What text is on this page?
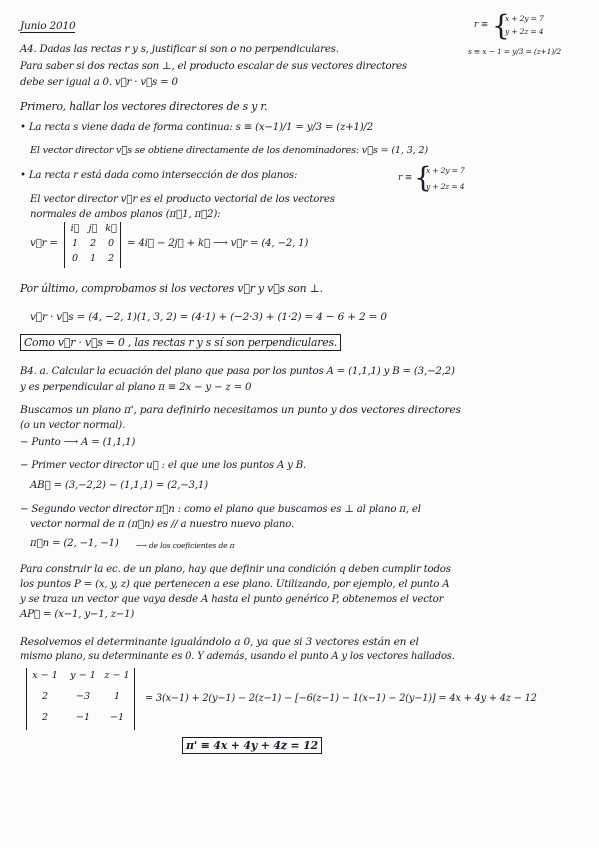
Junio 2010	r ≡ {
x + 2y = 7
y + 2z = 4
s ≡ x − 1 = y/3 = (z+1)/2
A4. Dadas las rectas r y s, justificar si son o no perpendiculares.
Para saber si dos rectas son ⊥, el producto escalar de sus vectores directores
debe ser igual a 0. v⃗r · v⃗s = 0
Primero, hallar los vectores directores de s y r.
• La recta s viene dada de forma continua: s ≡ (x−1)/1 = y/3 = (z+1)/2
El vector director v⃗s se obtiene directamente de los denominadores: v⃗s = (1, 3, 2)
• La recta r está dada como intersección de dos planos:	r ≡ {
x + 2y = 7
y + 2z = 4
El vector director v⃗r es el producto vectorial de los vectores
normales de ambos planos (π⃗1, π⃗2):
v⃗r =
i⃗ j⃗ k⃗
1	2	0
0	1	2
= 4i⃗ − 2j⃗ + k⃗ ⟶ v⃗r = (4, −2, 1)
Por último, comprobamos si los vectores v⃗r y v⃗s son ⊥.
v⃗r · v⃗s = (4, −2, 1)(1, 3, 2) = (4·1) + (−2·3) + (1·2) = 4 − 6 + 2 = 0
Como v⃗r · v⃗s = 0 , las rectas r y s sí son perpendiculares.
B4. a. Calcular la ecuación del plano que pasa por los puntos A = (1,1,1) y B = (3,−2,2)
y es perpendicular al plano π ≡ 2x − y − z = 0
Buscamos un plano π', para definirlo necesitamos un punto y dos vectores directores
(o un vector normal).
− Punto ⟶ A = (1,1,1)
− Primer vector director u⃗ : el que une los puntos A y B.
AB⃗ = (3,−2,2) − (1,1,1) = (2,−3,1)
− Segundo vector director π⃗n : como el plano que buscamos es ⊥ al plano π, el
vector normal de π (π⃗n) es // a nuestro nuevo plano.
π⃗n = (2, −1, −1) ⟶ de los coeficientes de π
Para construir la ec. de un plano, hay que definir una condición q deben cumplir todos
los puntos P = (x, y, z) que pertenecen a ese plano. Utilizando, por ejemplo, el punto A
y se traza un vector que vaya desde A hasta el punto genérico P, obtenemos el vector
AP⃗ = (x−1, y−1, z−1)
Resolvemos el determinante igualándolo a 0, ya que si 3 vectores están en el
mismo plano, su determinante es 0. Y además, usando el punto A y los vectores hallados.
x − 1 y − 1 z − 1
2	−3	1
2	−1	−1
= 3(x−1) + 2(y−1) − 2(z−1) − [−6(z−1) − 1(x−1) − 2(y−1)] = 4x + 4y + 4z − 12
π' ≡ 4x + 4y + 4z = 12
